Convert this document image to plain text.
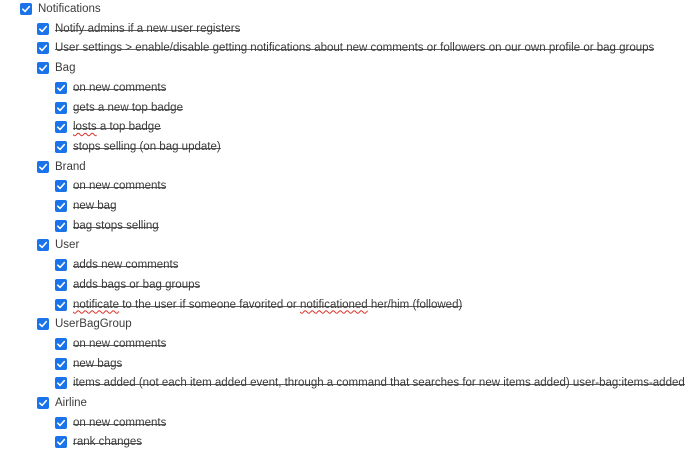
Notifications
Notify admins if a new user registers
User settings > enable/disable getting notifications about new comments or followers on our own profile or bag groups
Bag
on new comments
gets a new top badge
losts a top badge
stops selling (on bag update)
Brand
on new comments
new bag
bag stops selling
User
adds new comments
adds bags or bag groups
notificate to the user if someone favorited or notificationed her/him (followed)
UserBagGroup
on new comments
new bags
items added (not each item added event, through a command that searches for new items added) user-bag:items-added
Airline
on new comments
rank changes
